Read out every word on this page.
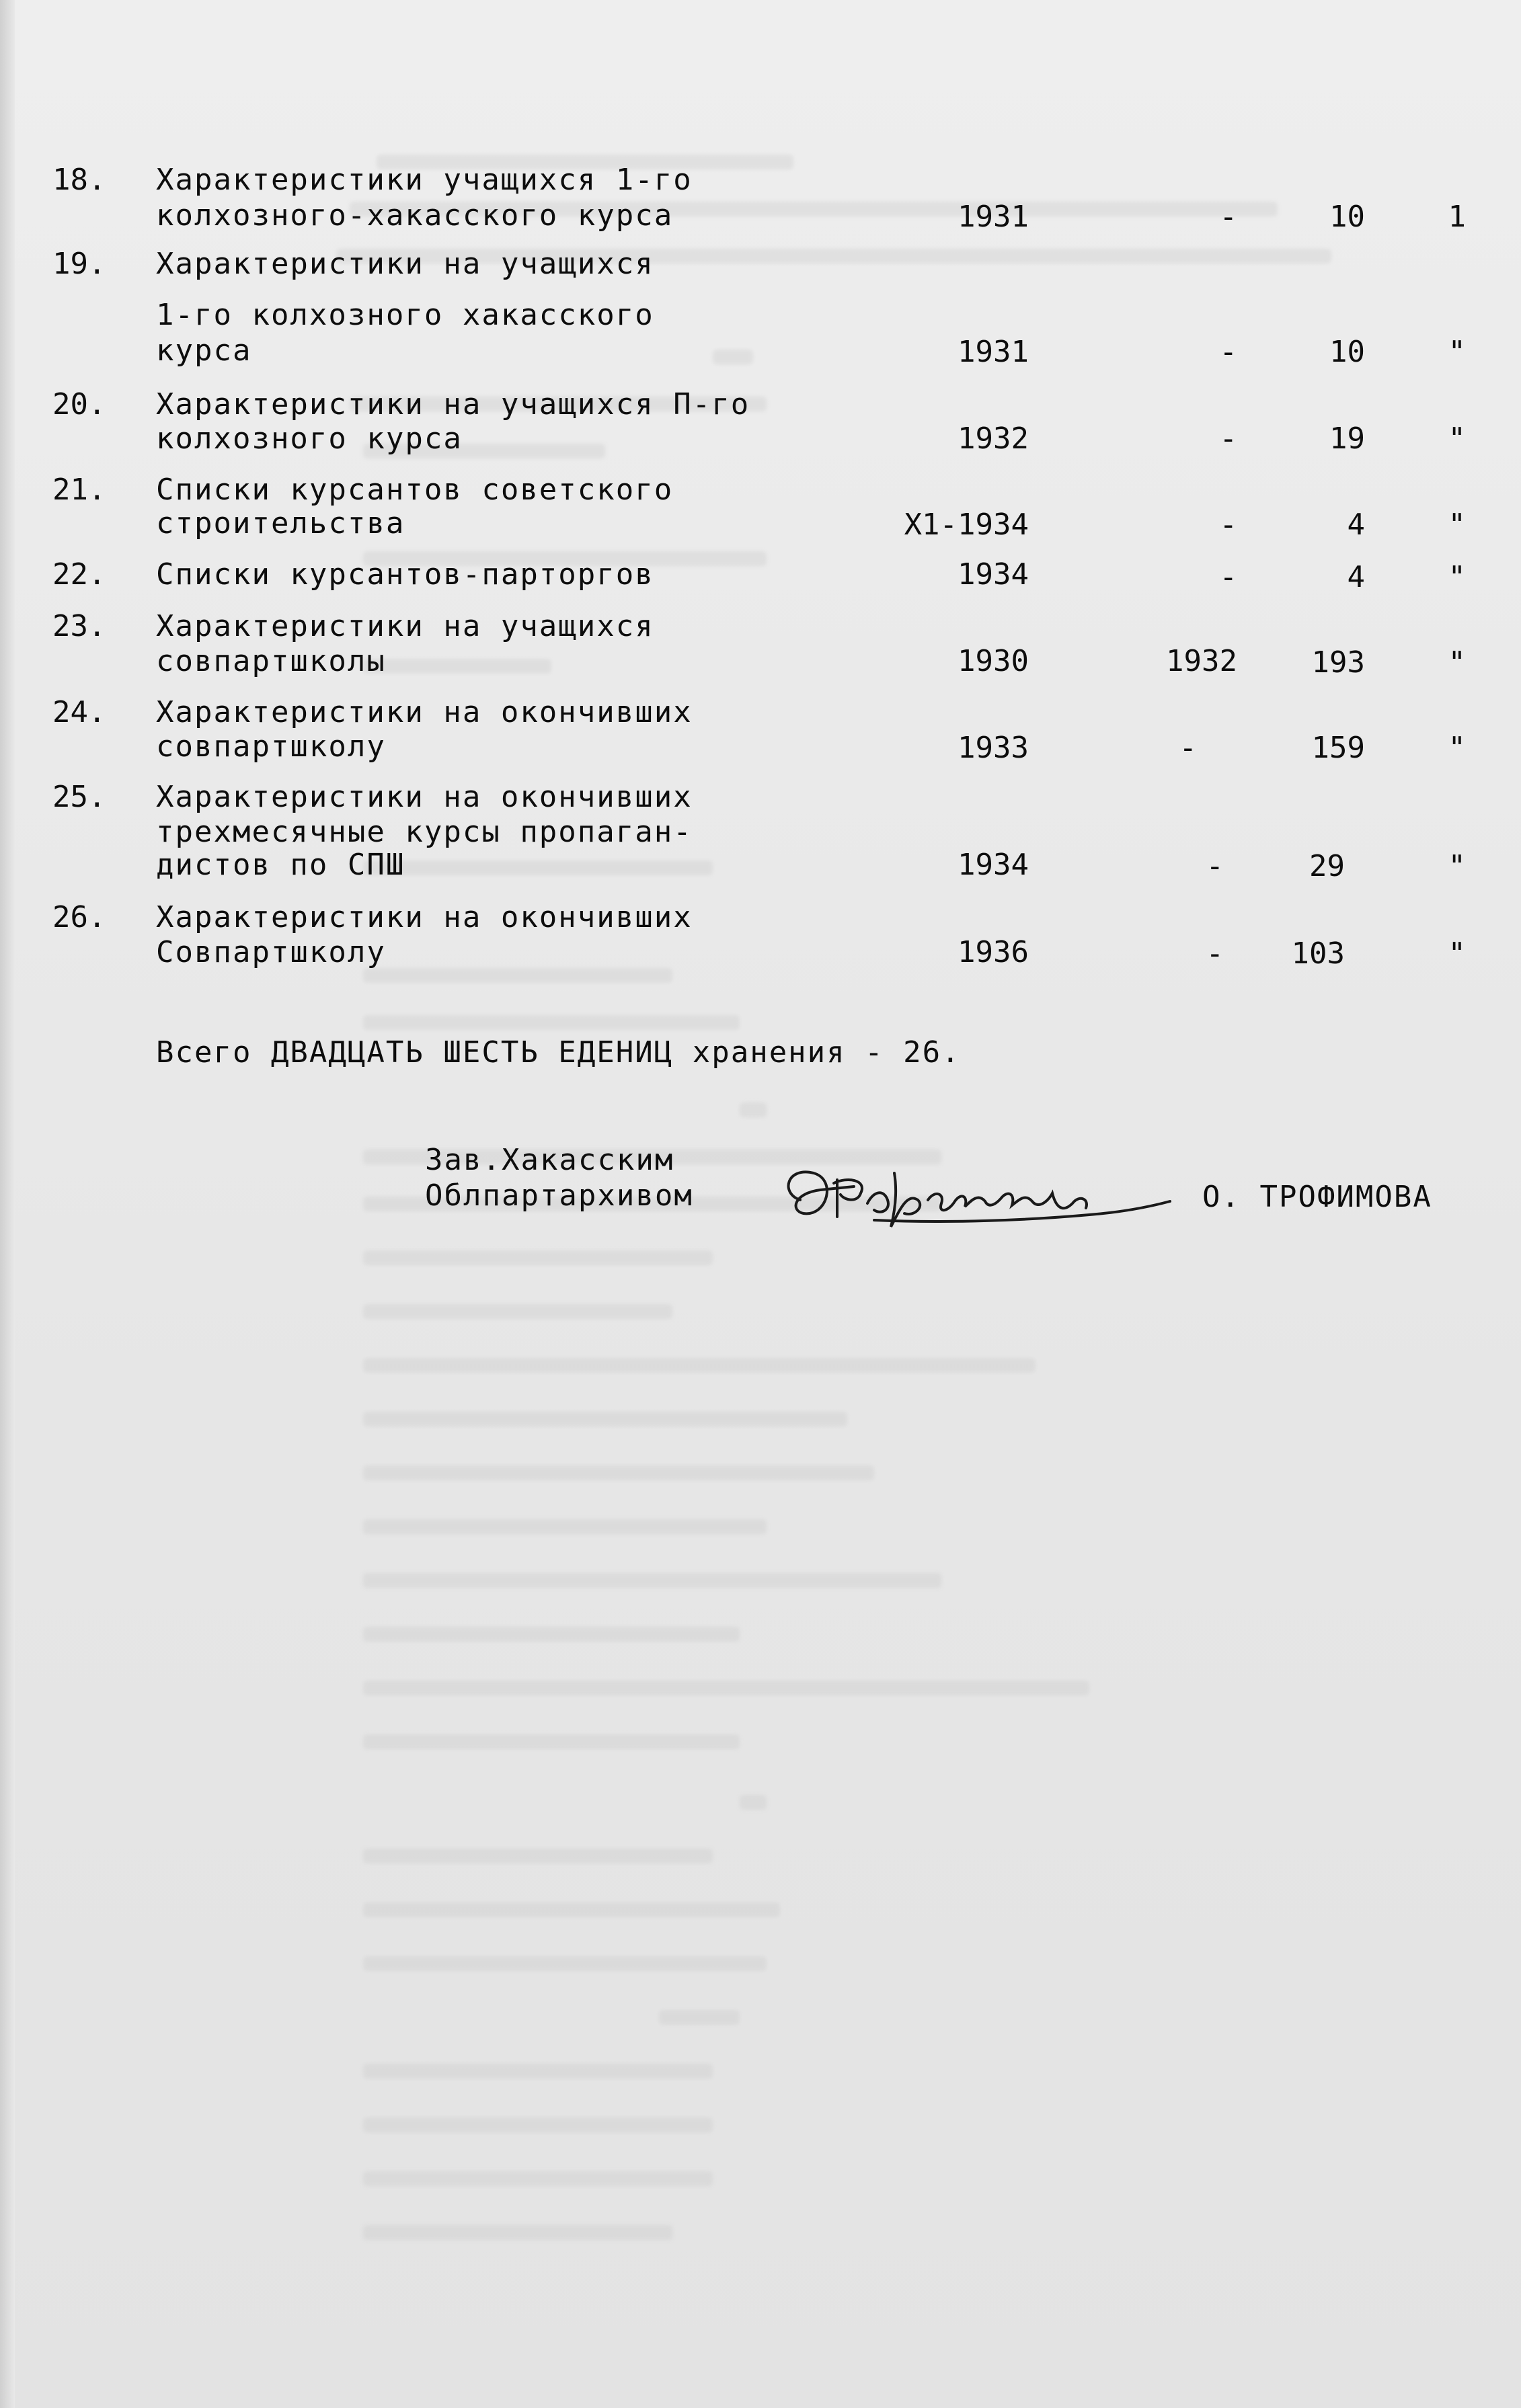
18. Характеристики учащихся 1-го
колхозного-хакасского курса	1931	-	10	1
19. Характеристики на учащихся
1-го колхозного хакасского
курса	1931	-	10	"
20. Характеристики на учащихся П-го
колхозного курса	1932	-	19	"
21. Списки курсантов советского
строительства	Х1-1934	-	4	"
22. Списки курсантов-парторгов	1934	-	4	"
23. Характеристики на учащихся
совпартшколы	1930	1932	193	"
24. Характеристики на окончивших
совпартшколу	1933	-	159	"
25. Характеристики на окончивших
трехмесячные курсы пропаган-
дистов по СПШ	1934	-	29	"
26. Характеристики на окончивших
Совпартшколу	1936	-	103	"
Всего ДВАДЦАТЬ ШЕСТЬ ЕДЕНИЦ хранения - 26.
Зав.Хакасским
Облпартархивом	О. ТРОФИМОВА
